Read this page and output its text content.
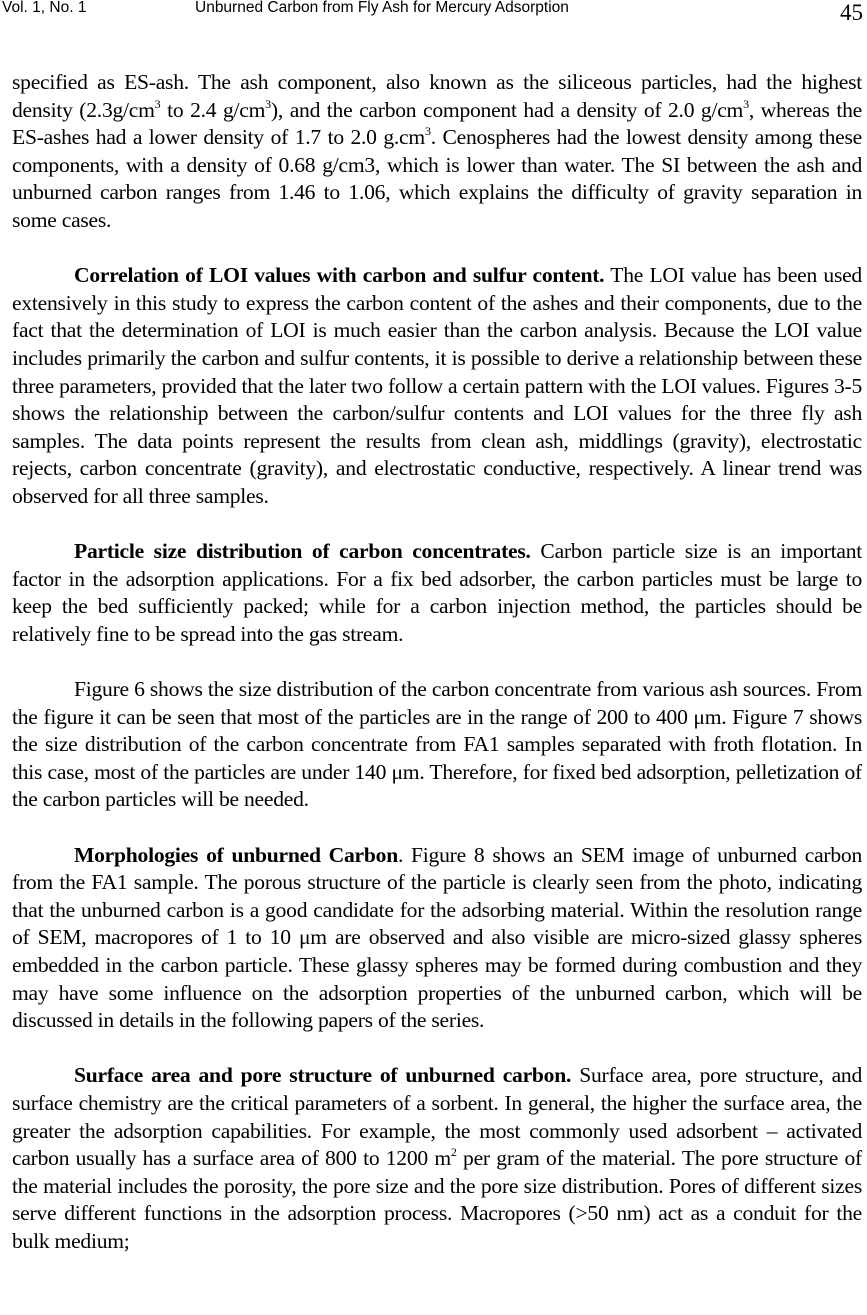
Vol. 1, No. 1	Unburned Carbon from Fly Ash for Mercury Adsorption	45

specified as ES-ash. The ash component, also known as the siliceous particles, had the highest density ($2.3g/cm^3$ to 2.4 $g/cm^3$), and the carbon component had a density of 2.0 $g/cm^3$, whereas the ES-ashes had a lower density of 1.7 to 2.0 $g.cm^3$. Cenospheres had the lowest density among these components, with a density of 0.68 g/cm3, which is lower than water. The SI between the ash and unburned carbon ranges from 1.46 to 1.06, which explains the difficulty of gravity separation in some cases.

Correlation of LOI values with carbon and sulfur content. The LOI value has been used extensively in this study to express the carbon content of the ashes and their components, due to the fact that the determination of LOI is much easier than the carbon analysis. Because the LOI value includes primarily the carbon and sulfur contents, it is possible to derive a relationship between these three parameters, provided that the later two follow a certain pattern with the LOI values. Figures 3-5 shows the relationship between the carbon/sulfur contents and LOI values for the three fly ash samples. The data points represent the results from clean ash, middlings (gravity), electrostatic rejects, carbon concentrate (gravity), and electrostatic conductive, respectively. A linear trend was observed for all three samples.

Particle size distribution of carbon concentrates. Carbon particle size is an important factor in the adsorption applications. For a fix bed adsorber, the carbon particles must be large to keep the bed sufficiently packed; while for a carbon injection method, the particles should be relatively fine to be spread into the gas stream.

Figure 6 shows the size distribution of the carbon concentrate from various ash sources. From the figure it can be seen that most of the particles are in the range of 200 to 400 μm. Figure 7 shows the size distribution of the carbon concentrate from FA1 samples separated with froth flotation. In this case, most of the particles are under 140 μm. Therefore, for fixed bed adsorption, pelletization of the carbon particles will be needed.

Morphologies of unburned Carbon. Figure 8 shows an SEM image of unburned carbon from the FA1 sample. The porous structure of the particle is clearly seen from the photo, indicating that the unburned carbon is a good candidate for the adsorbing material. Within the resolution range of SEM, macropores of 1 to 10 μm are observed and also visible are micro-sized glassy spheres embedded in the carbon particle. These glassy spheres may be formed during combustion and they may have some influence on the adsorption properties of the unburned carbon, which will be discussed in details in the following papers of the series.

Surface area and pore structure of unburned carbon. Surface area, pore structure, and surface chemistry are the critical parameters of a sorbent. In general, the higher the surface area, the greater the adsorption capabilities. For example, the most commonly used adsorbent – activated carbon usually has a surface area of 800 to 1200 $m^2$ per gram of the material. The pore structure of the material includes the porosity, the pore size and the pore size distribution. Pores of different sizes serve different functions in the adsorption process. Macropores (>50 nm) act as a conduit for the bulk medium;
